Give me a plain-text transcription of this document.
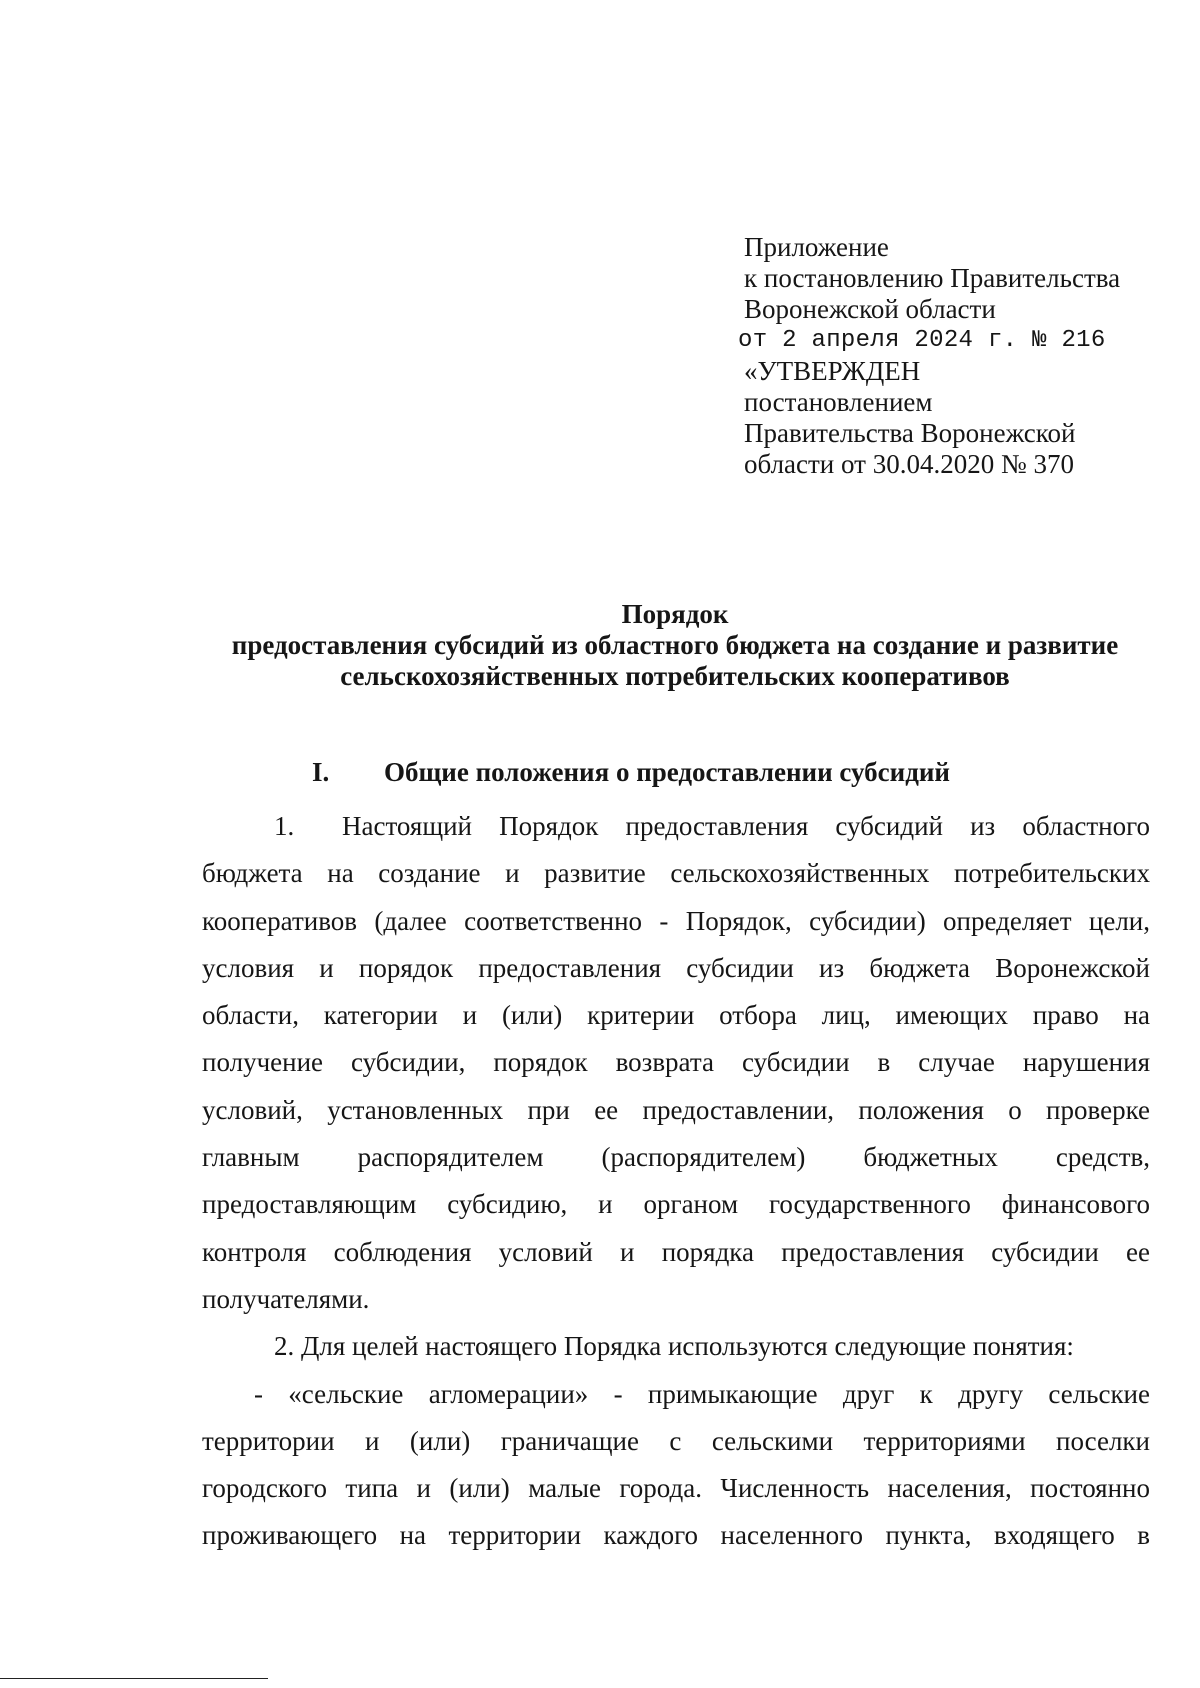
Приложение
к постановлению Правительства
Воронежской области
от 2 апреля 2024 г. № 216
«УТВЕРЖДЕН
постановлением
Правительства Воронежской
области от 30.04.2020 № 370
Порядок
предоставления субсидий из областного бюджета на создание и развитие
сельскохозяйственных потребительских кооперативов
I. Общие положения о предоставлении субсидий
1. Настоящий Порядок предоставления субсидий из областного
бюджета на создание и развитие сельскохозяйственных потребительских
кооперативов (далее соответственно - Порядок, субсидии) определяет цели,
условия и порядок предоставления субсидии из бюджета Воронежской
области, категории и (или) критерии отбора лиц, имеющих право на
получение субсидии, порядок возврата субсидии в случае нарушения
условий, установленных при ее предоставлении, положения о проверке
главным распорядителем (распорядителем) бюджетных средств,
предоставляющим субсидию, и органом государственного финансового
контроля соблюдения условий и порядка предоставления субсидии ее
получателями.
2. Для целей настоящего Порядка используются следующие понятия:
- «сельские агломерации» - примыкающие друг к другу сельские
территории и (или) граничащие с сельскими территориями поселки
городского типа и (или) малые города. Численность населения, постоянно
проживающего на территории каждого населенного пункта, входящего в
